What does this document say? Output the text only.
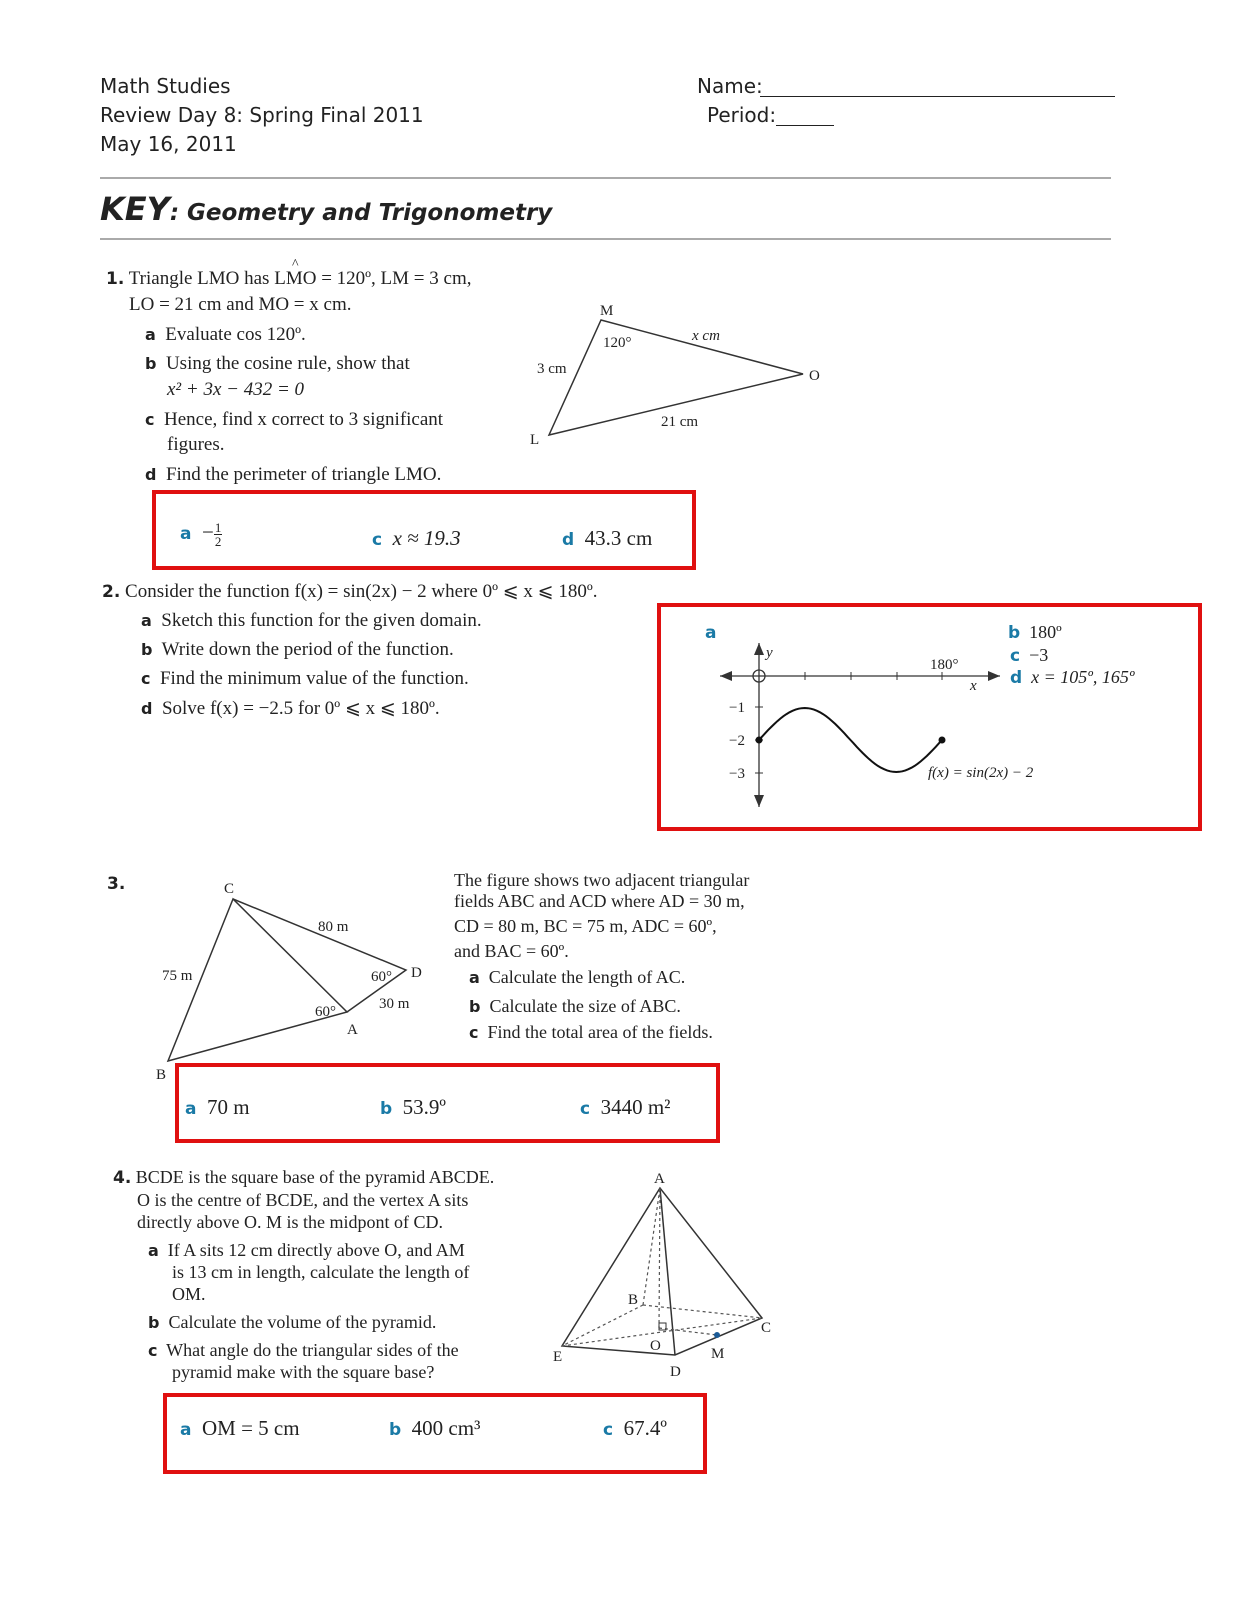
Math Studies
Review Day 8: Spring Final 2011
May 16, 2011
Name:
Period:
KEY: Geometry and Trigonometry
1. Triangle LMO has ^ LMO = 120º, LM = 3 cm,
LO = 21 cm and MO = x cm.
a Evaluate cos 120º.
b Using the cosine rule, show that
x² + 3x − 432 = 0
c Hence, find x correct to 3 significant
figures.
d Find the perimeter of triangle LMO.
M
O
L
120°	x cm
3 cm
21 cm
$a - \frac{1}{2}$	c x ≈ 19.3	d 43.3 cm
2. Consider the function f(x) = sin(2x) − 2 where 0º ⩽ x ⩽ 180º.
a Sketch this function for the given domain.
b Write down the period of the function.
c Find the minimum value of the function.
d Solve f(x) = −2.5 for 0º ⩽ x ⩽ 180º.
a
y
x
180°
−1
−2
−3	f(x) = sin(2x) − 2
b 180º
c −3
d x = 105º, 165º
3.	C
D
A
B
80 m
75 m
30 m
60°
60°
The figure shows two adjacent triangular
fields ABC and ACD where AD = 30 m,
CD = 80 m, BC = 75 m, ADC = 60º,
and BAC = 60º.
a Calculate the length of AC.
b Calculate the size of ABC.
c Find the total area of the fields.
a 70 m	b 53.9º	c 3440 m²
4. BCDE is the square base of the pyramid ABCDE.
O is the centre of BCDE, and the vertex A sits
directly above O. M is the midpont of CD.
a If A sits 12 cm directly above O, and AM
is 13 cm in length, calculate the length of
OM.
b Calculate the volume of the pyramid.
c What angle do the triangular sides of the
pyramid make with the square base?
A
B
C
D
E
O	M
a OM = 5 cm	b 400 cm³	c 67.4º
